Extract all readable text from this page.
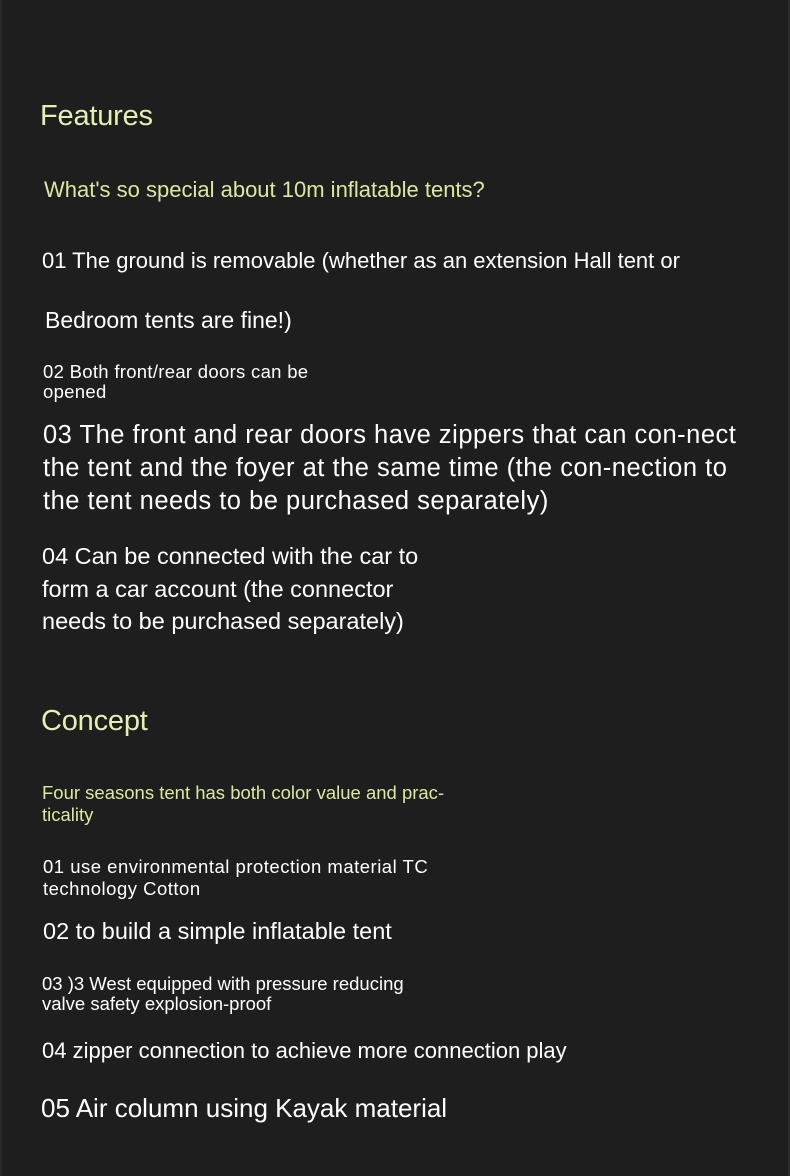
Features

What's so special about 10m inflatable tents?

01 The ground is removable (whether as an extension Hall tent or

Bedroom tents are fine!)

02 Both front/rear doors can be opened

03 The front and rear doors have zippers that can con-nect the tent and the foyer at the same time (the con-nection to the tent needs to be purchased separately)

04 Can be connected with the car to form a car account (the connector needs to be purchased separately)

Concept

Four seasons tent has both color value and prac-ticality

01 use environmental protection material TC technology Cotton

02 to build a simple inflatable tent

03 )3 West equipped with pressure reducing valve safety explosion-proof

04 zipper connection to achieve more connection play

05 Air column using Kayak material
